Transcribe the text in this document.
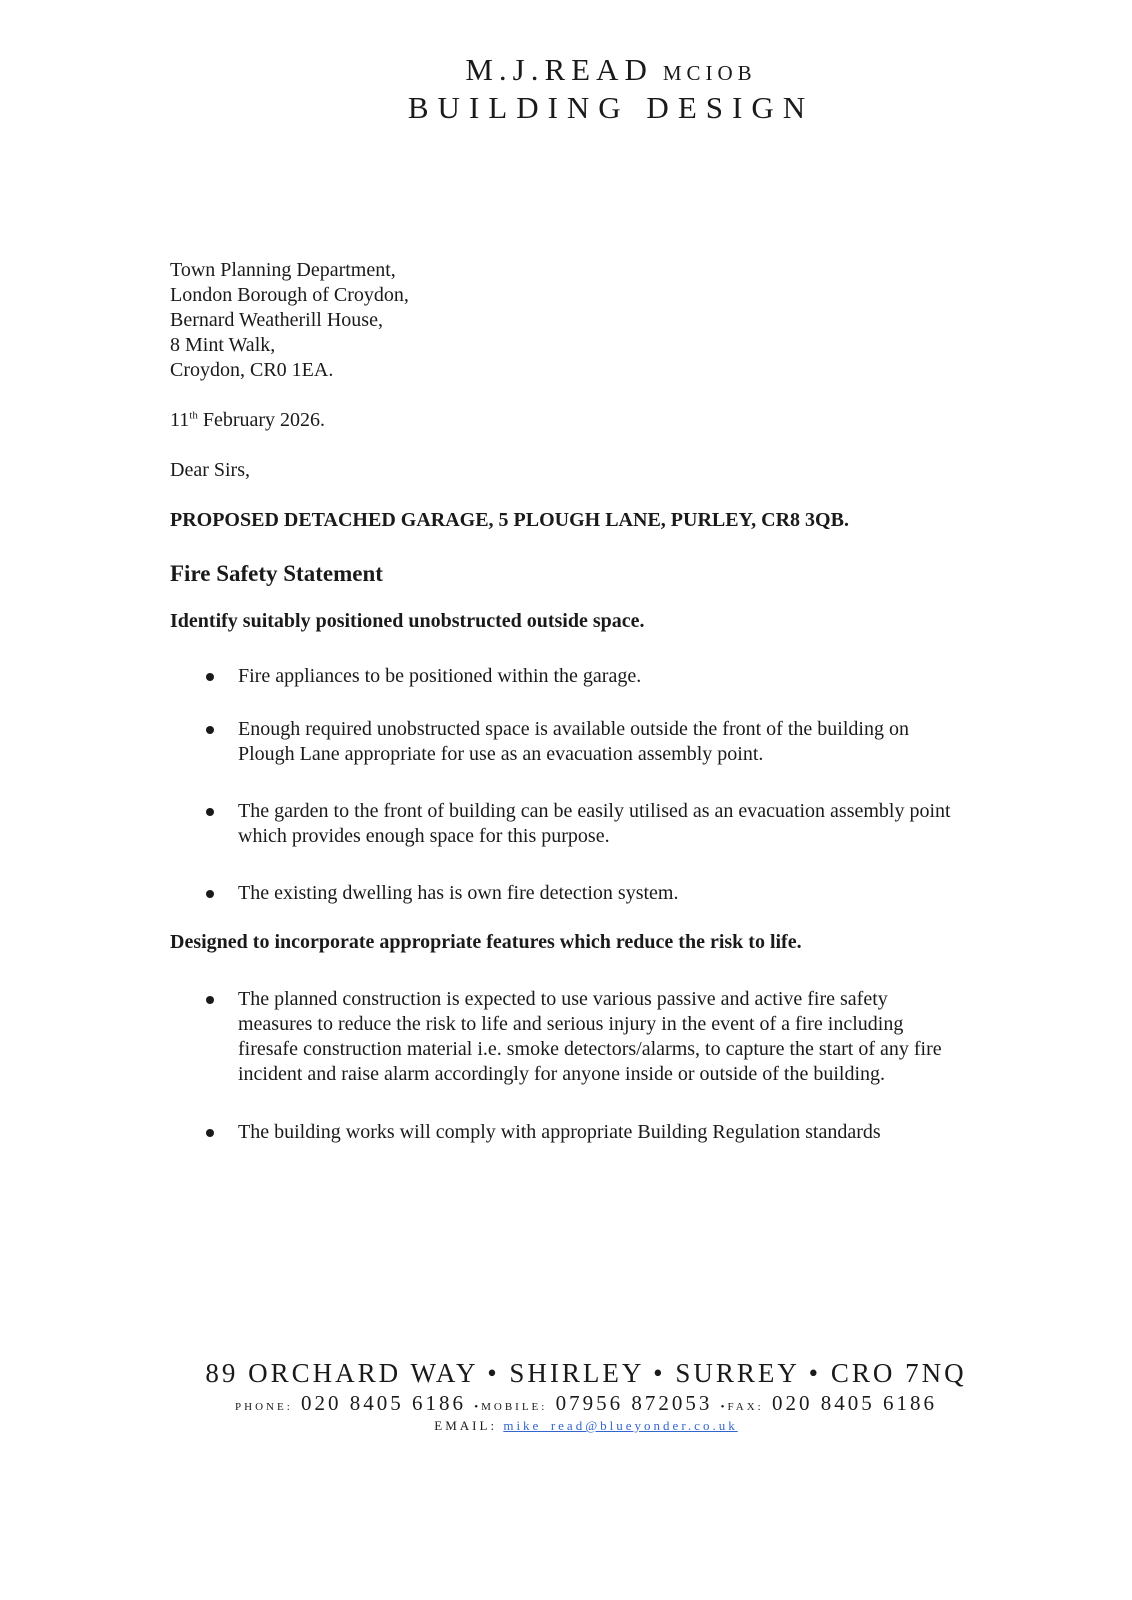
M.J.READ MCIOB
BUILDING DESIGN
Town Planning Department,
London Borough of Croydon,
Bernard Weatherill House,
8 Mint Walk,
Croydon, CR0 1EA.
11th February 2026.
Dear Sirs,
PROPOSED DETACHED GARAGE, 5 PLOUGH LANE, PURLEY, CR8 3QB.
Fire Safety Statement
Identify suitably positioned unobstructed outside space.
Fire appliances to be positioned within the garage.
Enough required unobstructed space is available outside the front of the building on Plough Lane appropriate for use as an evacuation assembly point.
The garden to the front of building can be easily utilised as an evacuation assembly point which provides enough space for this purpose.
The existing dwelling has is own fire detection system.
Designed to incorporate appropriate features which reduce the risk to life.
The planned construction is expected to use various passive and active fire safety measures to reduce the risk to life and serious injury in the event of a fire including firesafe construction material i.e. smoke detectors/alarms, to capture the start of any fire incident and raise alarm accordingly for anyone inside or outside of the building.
The building works will comply with appropriate Building Regulation standards
89 ORCHARD WAY • SHIRLEY • SURREY • CRO 7NQ
PHONE: 020 8405 6186 •MOBILE: 07956 872053 •FAX: 020 8405 6186
EMAIL: mike_read@blueyonder.co.uk
